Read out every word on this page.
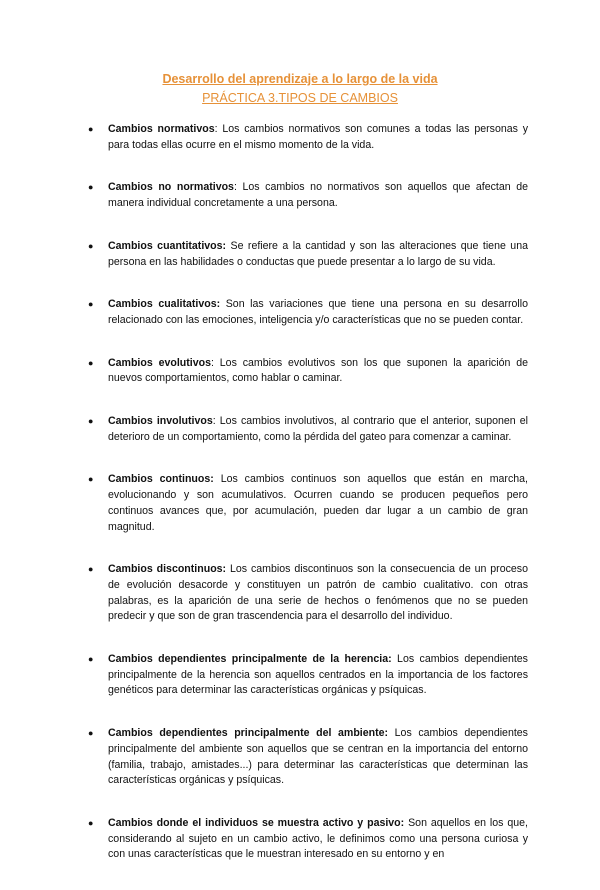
Desarrollo del aprendizaje a lo largo de la vida
PRÁCTICA 3.TIPOS DE CAMBIOS
● Cambios normativos: Los cambios normativos son comunes a todas las personas y para todas ellas ocurre en el mismo momento de la vida.
● Cambios no normativos: Los cambios no normativos son aquellos que afectan de manera individual concretamente a una persona.
● Cambios cuantitativos: Se refiere a la cantidad y son las alteraciones que tiene una persona en las habilidades o conductas que puede presentar a lo largo de su vida.
● Cambios cualitativos: Son las variaciones que tiene una persona en su desarrollo relacionado con las emociones, inteligencia y/o características que no se pueden contar.
● Cambios evolutivos: Los cambios evolutivos son los que suponen la aparición de nuevos comportamientos, como hablar o caminar.
● Cambios involutivos: Los cambios involutivos, al contrario que el anterior, suponen el deterioro de un comportamiento, como la pérdida del gateo para comenzar a caminar.
● Cambios continuos: Los cambios continuos son aquellos que están en marcha, evolucionando y son acumulativos. Ocurren cuando se producen pequeños pero continuos avances que, por acumulación, pueden dar lugar a un cambio de gran magnitud.
● Cambios discontinuos: Los cambios discontinuos son la consecuencia de un proceso de evolución desacorde y constituyen un patrón de cambio cualitativo. con otras palabras, es la aparición de una serie de hechos o fenómenos que no se pueden predecir y que son de gran trascendencia para el desarrollo del individuo.
● Cambios dependientes principalmente de la herencia: Los cambios dependientes principalmente de la herencia son aquellos centrados en la importancia de los factores genéticos para determinar las características orgánicas y psíquicas.
● Cambios dependientes principalmente del ambiente: Los cambios dependientes principalmente del ambiente son aquellos que se centran en la importancia del entorno (familia, trabajo, amistades...) para determinar las características que determinan las características orgánicas y psíquicas.
● Cambios donde el individuos se muestra activo y pasivo: Son aquellos en los que, considerando al sujeto en un cambio activo, le definimos como una persona curiosa y con unas características que le muestran interesado en su entorno y en
